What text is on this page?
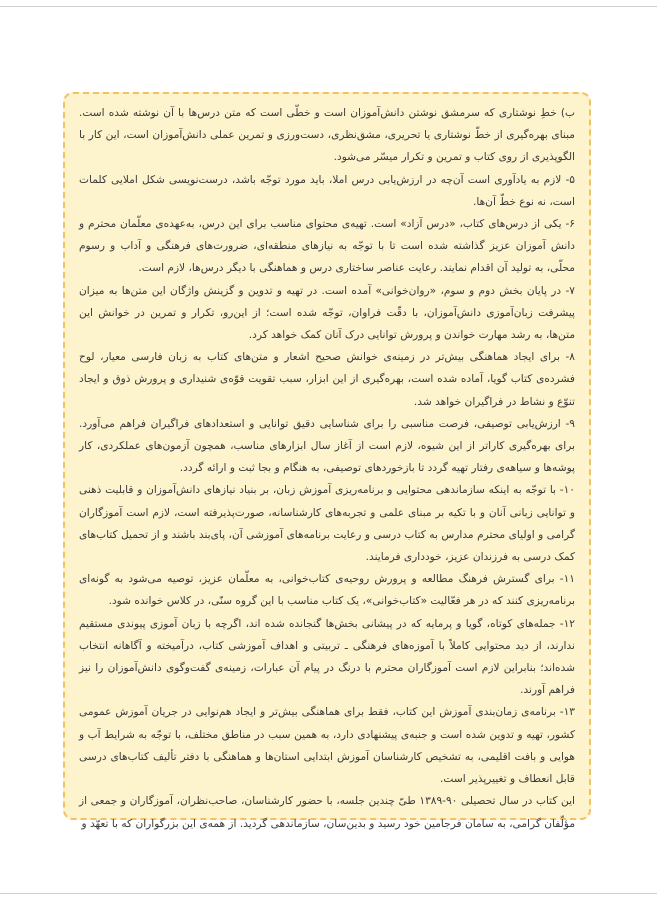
ب) خطِ نوشتاری که سرمشق نوشتن دانش‌آموزان است و خطّی است که متن درس‌ها با آن نوشته شده است. مبنای بهره‌گیری از خطّ نوشتاری یا تحریری، مشق‌نظری، دست‌ورزی و تمرین عملی دانش‌آموزان است، این کار با الگوپذیری از روی کتاب و تمرین و تکرار میسّر می‌شود.

۵- لازم به یادآوری است آن‌چه در ارزش‌یابی درس املا، باید مورد توجّه باشد، درست‌نویسی شکل املایی کلمات است، نه نوع خطّ آن‌ها.

۶- یکی از درس‌های کتاب، «درس آزاد» است. تهیه‌ی محتوای مناسب برای این درس، به‌عهده‌ی معلّمان محترم و دانش آموزان عزیز گذاشته شده است تا با توجّه به نیازهای منطقه‌ای، ضرورت‌های فرهنگی و آداب و رسوم محلّی، به تولید آن اقدام نمایند. رعایت عناصر ساختاری درس و هماهنگی با دیگر درس‌ها، لازم است.

۷- در پایان بخش دوم و سوم، «روان‌خوانی» آمده است. در تهیه و تدوین و گزینش واژگان این متن‌ها به میزان پیشرفت زبان‌آموزی دانش‌آموزان، با دقّت فراوان، توجّه شده است؛ از این‌رو، تکرار و تمرین در خوانش این متن‌ها، به رشد مهارت خواندن و پرورش توانایی درک آنان کمک خواهد کرد.

۸- برای ایجاد هماهنگی بیش‌تر در زمینه‌ی خوانش صحیح اشعار و متن‌های کتاب به زبان فارسی معیار، لوح فشرده‌ی کتاب گویا، آماده شده است، بهره‌گیری از این ابزار، سبب تقویت قوّه‌ی شنیداری و پرورش ذوق و ایجاد تنوّع و نشاط در فراگیران خواهد شد.

۹- ارزش‌یابی توصیفی، فرصت مناسبی را برای شناسایی دقیق توانایی و استعدادهای فراگیران فراهم می‌آورد. برای بهره‌گیری کاراتر از این شیوه، لازم است از آغاز سال ابزارهای مناسب، همچون آزمون‌های عملکردی، کار پوشه‌ها و سیاهه‌ی رفتار تهیه گردد تا بازخوردهای توصیفی، به هنگام و بجا ثبت و ارائه گردد.

۱۰- با توجّه به اینکه سازماندهی محتوایی و برنامه‌ریزی آموزش زبان، بر بنیاد نیازهای دانش‌آموزان و قابلیت ذهنی و توانایی زبانی آنان و با تکیه بر مبنای علمی و تجربه‌های کارشناسانه، صورت‌پذیرفته است، لازم است آموزگاران گرامی و اولیای محترم مدارس به کتاب درسی و رعایت برنامه‌های آموزشی آن، پای‌بند باشند و از تحمیل کتاب‌های کمک درسی به فرزندان عزیز، خودداری فرمایند.

۱۱- برای گسترش فرهنگ مطالعه و پرورش روحیه‌ی کتاب‌خوانی، به معلّمان عزیز، توصیه می‌شود به گونه‌ای برنامه‌ریزی کنند که در هر فعّالیت «کتاب‌خوانی»، یک کتاب مناسب با این گروه سنّی، در کلاس خوانده شود.

۱۲- جمله‌های کوتاه، گویا و پرمایه که در پیشانی بخش‌ها گنجانده شده اند، اگرچه با زبان آموزی پیوندی مستقیم ندارند، از دید محتوایی کاملاً با آموزه‌های فرهنگی ـ تربیتی و اهداف آموزشی کتاب، درآمیخته و آگاهانه انتخاب شده‌اند؛ بنابراین لازم است آموزگاران محترم با درنگ در پیام آن عبارات، زمینه‌ی گفت‌وگوی دانش‌آموزان را نیز فراهم آورند.

۱۳- برنامه‌ی زمان‌بندی آموزش این کتاب، فقط برای هماهنگی بیش‌تر و ایجاد هم‌نوایی در جریان آموزش عمومی کشور، تهیه و تدوین شده است و جنبه‌ی پیشنهادی دارد، به همین سبب در مناطق مختلف، با توجّه به شرایط آب و هوایی و بافت اقلیمی، به تشخیص کارشناسان آموزش ابتدایی استان‌ها و هماهنگی با دفتر تألیف کتاب‌های درسی قابل انعطاف و تغییرپذیر است.

این کتاب در سال تحصیلی ۹۰-۱۳۸۹ طیّ چندین جلسه، با حضور کارشناسان، صاحب‌نظران، آموزگاران و جمعی از مؤلّفان گرامی، به سامان فرجامین خود رسید و بدین‌سان، سازماندهی گردید. از همه‌ی این بزرگواران که با تعهّد و
